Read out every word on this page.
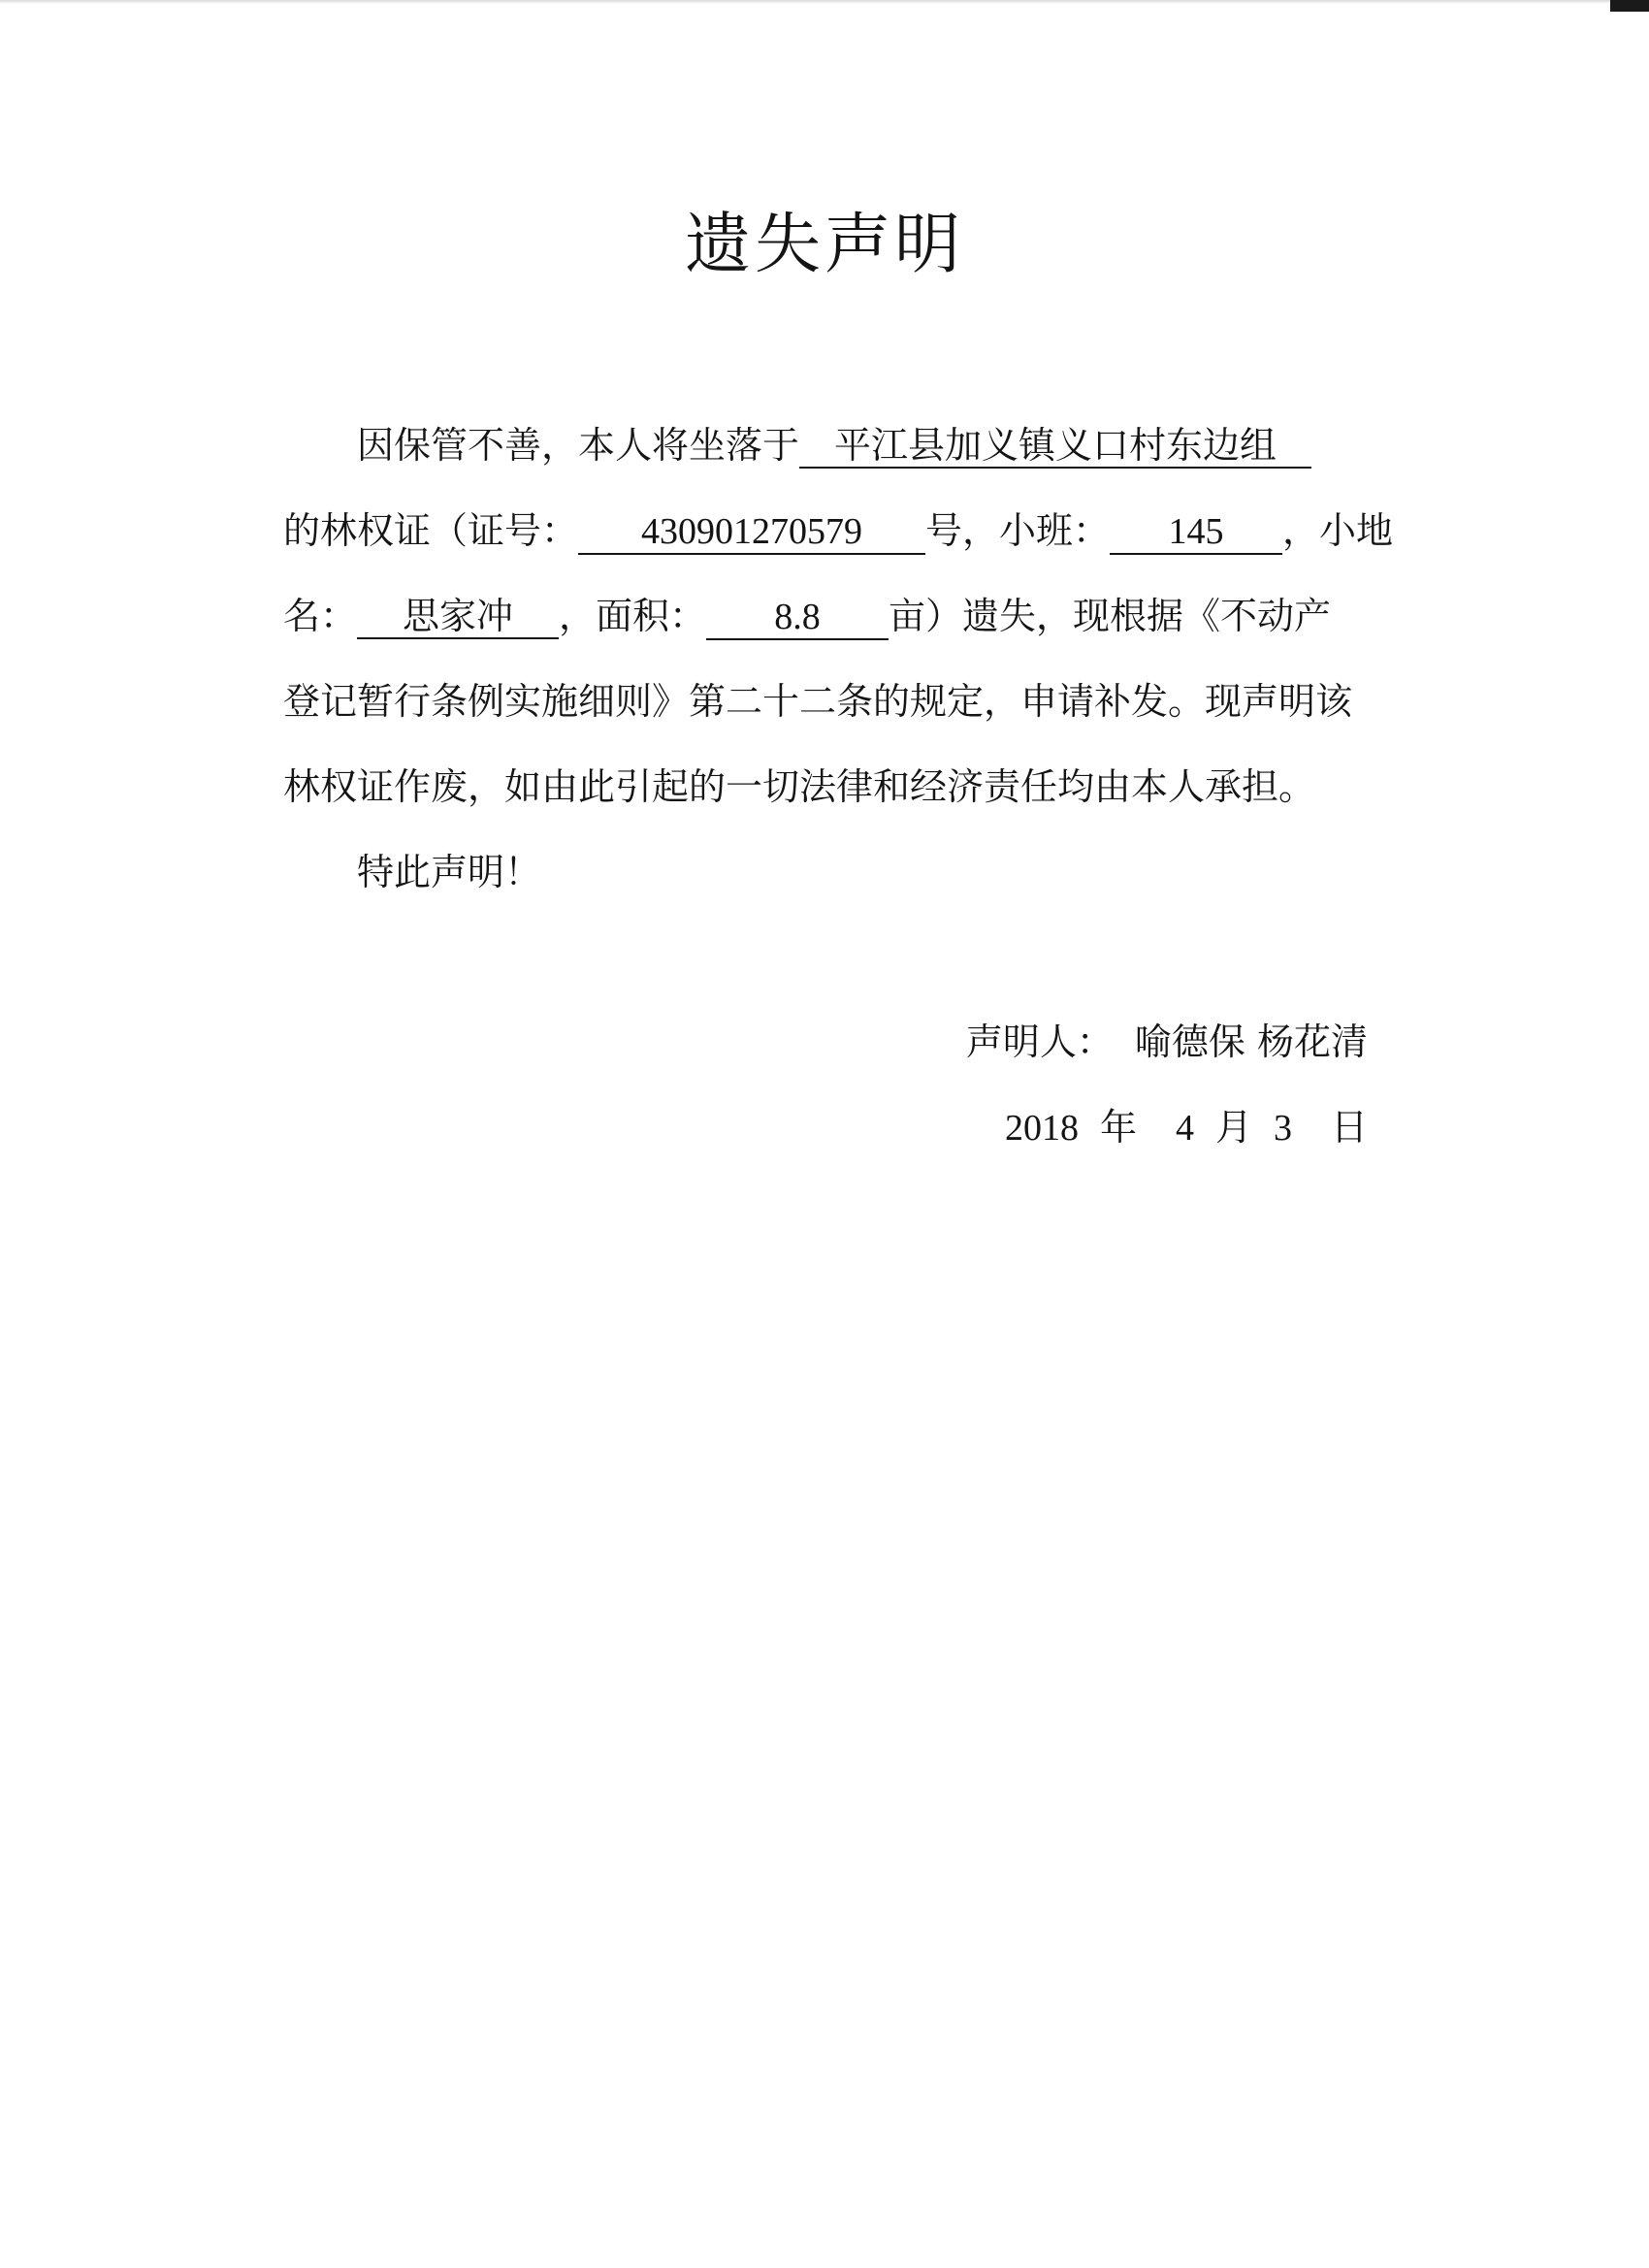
遗失声明
因保管不善，本人将坐落于 平江县加义镇义口村东边组
的林权证（证号： 430901270579 号，小班： 145 ，小地
名： 思家冲 ，面积： 8.8 亩）遗失，现根据《不动产
登记暂行条例实施细则》第二十二条的规定，申请补发。现声明该
林权证作废，如由此引起的一切法律和经济责任均由本人承担。
特此声明！
声明人： 喻德保 杨花清
2018 年 4 月 3 日
